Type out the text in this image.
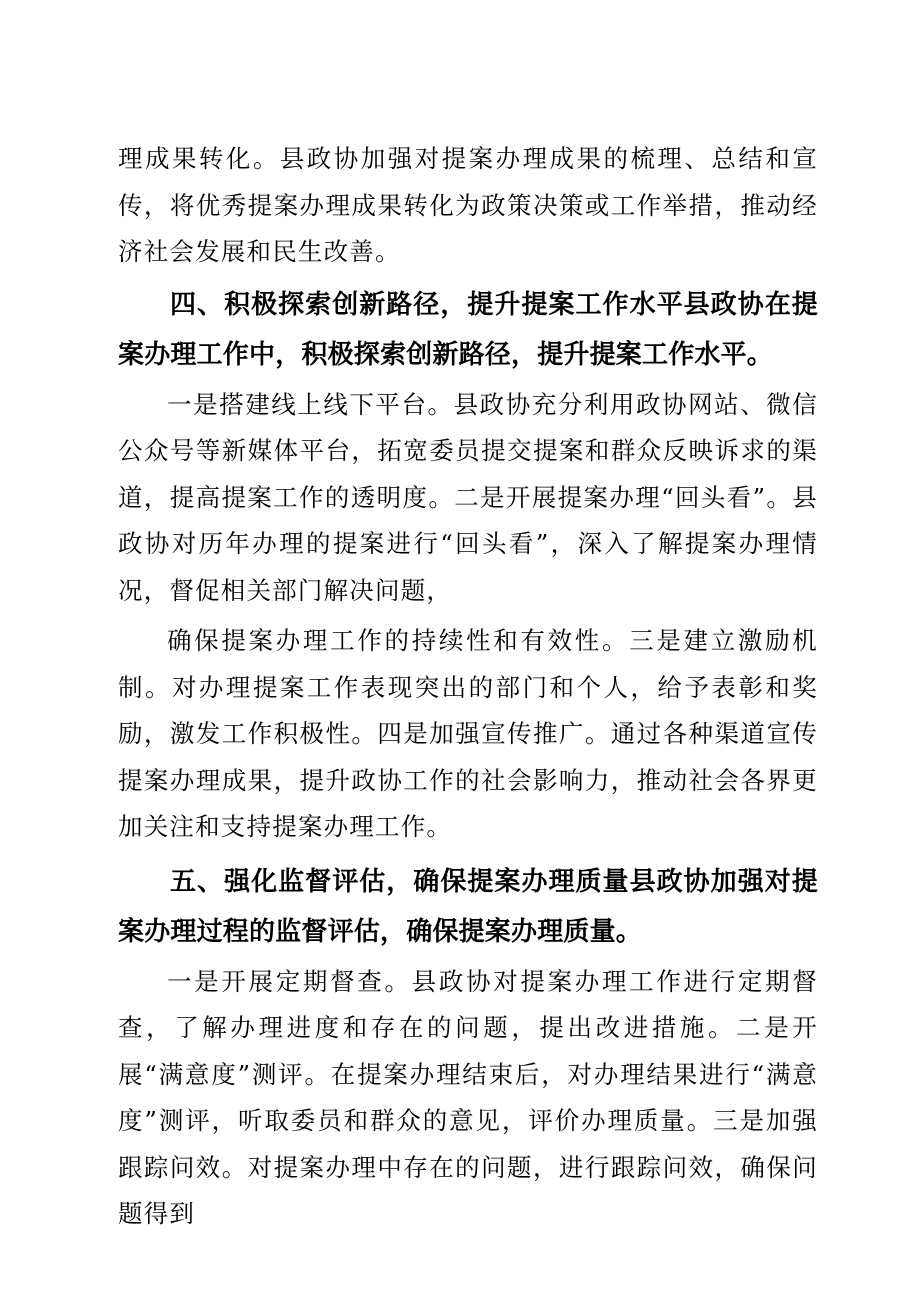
理成果转化。县政协加强对提案办理成果的梳理、总结和宣传，将优秀提案办理成果转化为政策决策或工作举措，推动经济社会发展和民生改善。

四、积极探索创新路径，提升提案工作水平县政协在提案办理工作中，积极探索创新路径，提升提案工作水平。

一是搭建线上线下平台。县政协充分利用政协网站、微信公众号等新媒体平台，拓宽委员提交提案和群众反映诉求的渠道，提高提案工作的透明度。二是开展提案办理“回头看”。县政协对历年办理的提案进行“回头看”，深入了解提案办理情况，督促相关部门解决问题，

确保提案办理工作的持续性和有效性。三是建立激励机制。对办理提案工作表现突出的部门和个人，给予表彰和奖励，激发工作积极性。四是加强宣传推广。通过各种渠道宣传提案办理成果，提升政协工作的社会影响力，推动社会各界更加关注和支持提案办理工作。

五、强化监督评估，确保提案办理质量县政协加强对提案办理过程的监督评估，确保提案办理质量。

一是开展定期督查。县政协对提案办理工作进行定期督查，了解办理进度和存在的问题，提出改进措施。二是开展“满意度”测评。在提案办理结束后，对办理结果进行“满意度”测评，听取委员和群众的意见，评价办理质量。三是加强跟踪问效。对提案办理中存在的问题，进行跟踪问效，确保问题得到
